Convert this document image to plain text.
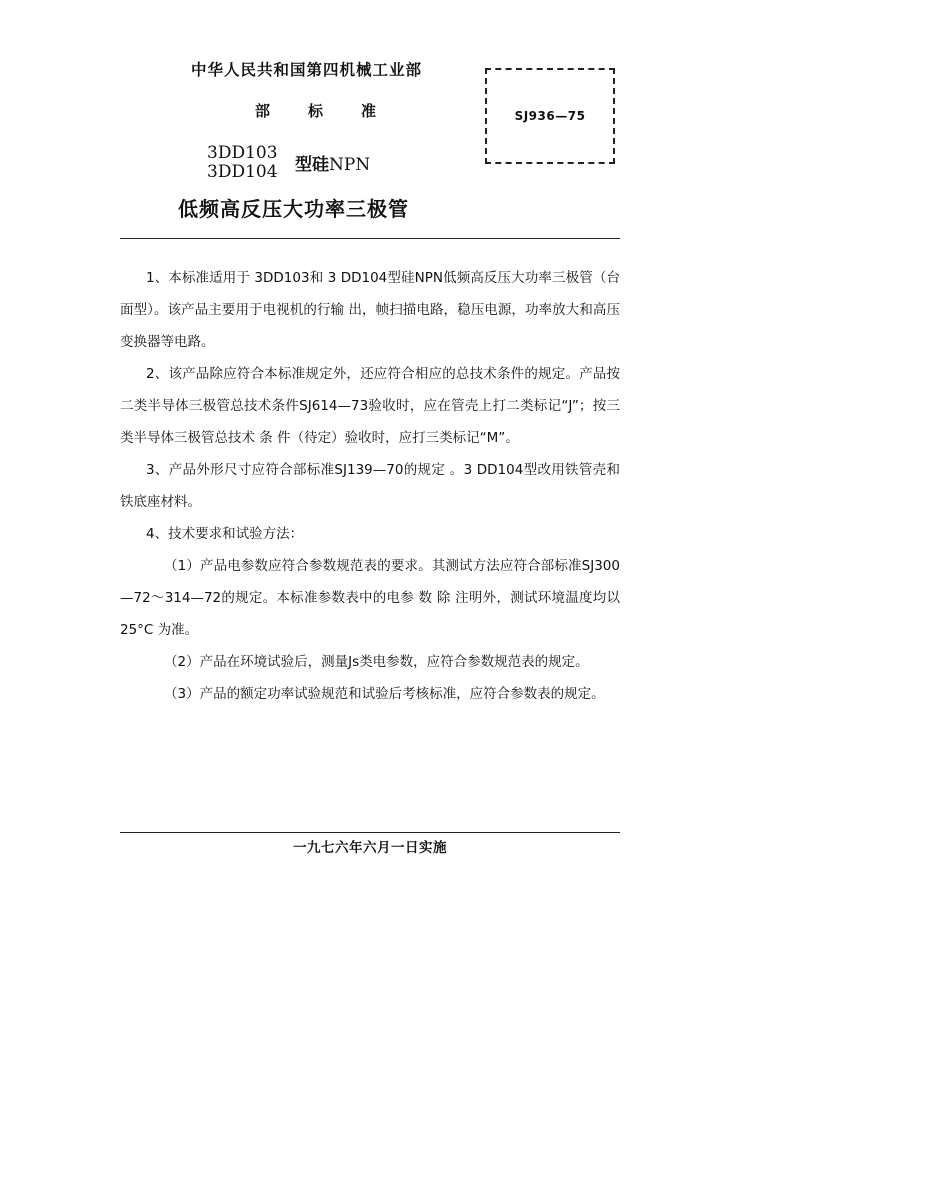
中华人民共和国第四机械工业部
部	标	准
3DD103
3DD104 型硅NPN
低频高反压大功率三极管
SJ936—75

1、本标准适用于 3DD103和 3 DD104型硅NPN低频高反压大功率三极管（台面型）。该产品主要用于电视机的行输 出，帧扫描电路，稳压电源，功率放大和高压变换器等电路。

2、该产品除应符合本标准规定外，还应符合相应的总技术条件的规定。产品按二类半导体三极管总技术条件SJ614—73验收时，应在管壳上打二类标记“J”；按三类半导体三极管总技术 条 件（待定）验收时，应打三类标记“M”。

3、产品外形尺寸应符合部标准SJ139—70的规定 。3 DD104型改用铁管壳和铁底座材料。

4、技术要求和试验方法：

（1）产品电参数应符合参数规范表的要求。其测试方法应符合部标准SJ300—72～314—72的规定。本标准参数表中的电参 数 除 注明外，测试环境温度均以25°C 为准。

（2）产品在环境试验后，测量Js类电参数，应符合参数规范表的规定。

（3）产品的额定功率试验规范和试验后考核标准，应符合参数表的规定。

一九七六年六月一日实施
